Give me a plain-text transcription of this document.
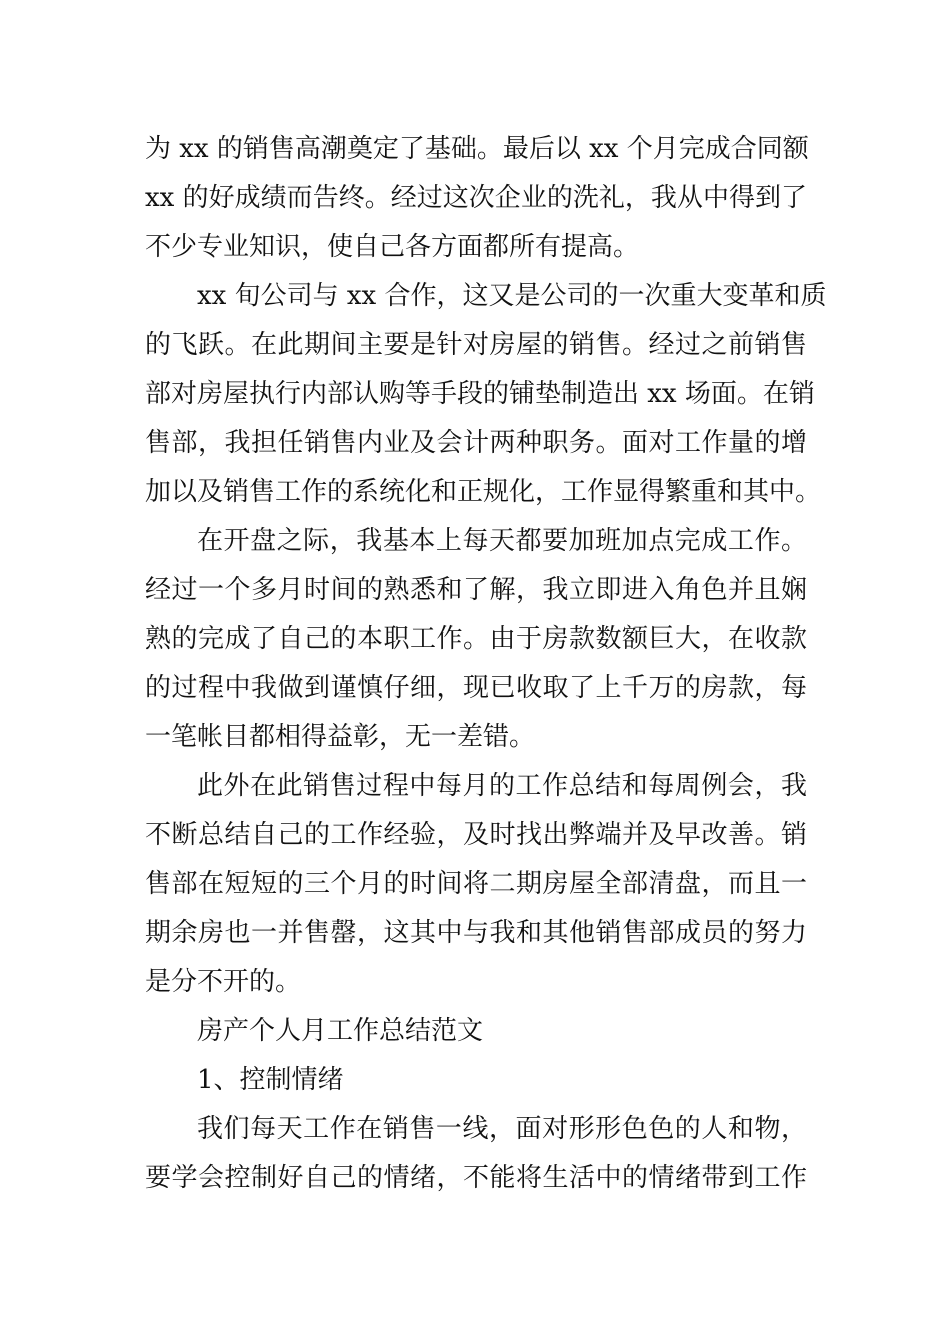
为 xx 的销售高潮奠定了基础。最后以 xx 个月完成合同额
xx 的好成绩而告终。经过这次企业的洗礼，我从中得到了
不少专业知识，使自己各方面都所有提高。
xx 旬公司与 xx 合作，这又是公司的一次重大变革和质
的飞跃。在此期间主要是针对房屋的销售。经过之前销售
部对房屋执行内部认购等手段的铺垫制造出 xx 场面。在销
售部，我担任销售内业及会计两种职务。面对工作量的增
加以及销售工作的系统化和正规化，工作显得繁重和其中。
在开盘之际，我基本上每天都要加班加点完成工作。
经过一个多月时间的熟悉和了解，我立即进入角色并且娴
熟的完成了自己的本职工作。由于房款数额巨大，在收款
的过程中我做到谨慎仔细，现已收取了上千万的房款，每
一笔帐目都相得益彰，无一差错。
此外在此销售过程中每月的工作总结和每周例会，我
不断总结自己的工作经验，及时找出弊端并及早改善。销
售部在短短的三个月的时间将二期房屋全部清盘，而且一
期余房也一并售罄，这其中与我和其他销售部成员的努力
是分不开的。
房产个人月工作总结范文
1、控制情绪
我们每天工作在销售一线，面对形形色色的人和物，
要学会控制好自己的情绪，不能将生活中的情绪带到工作
